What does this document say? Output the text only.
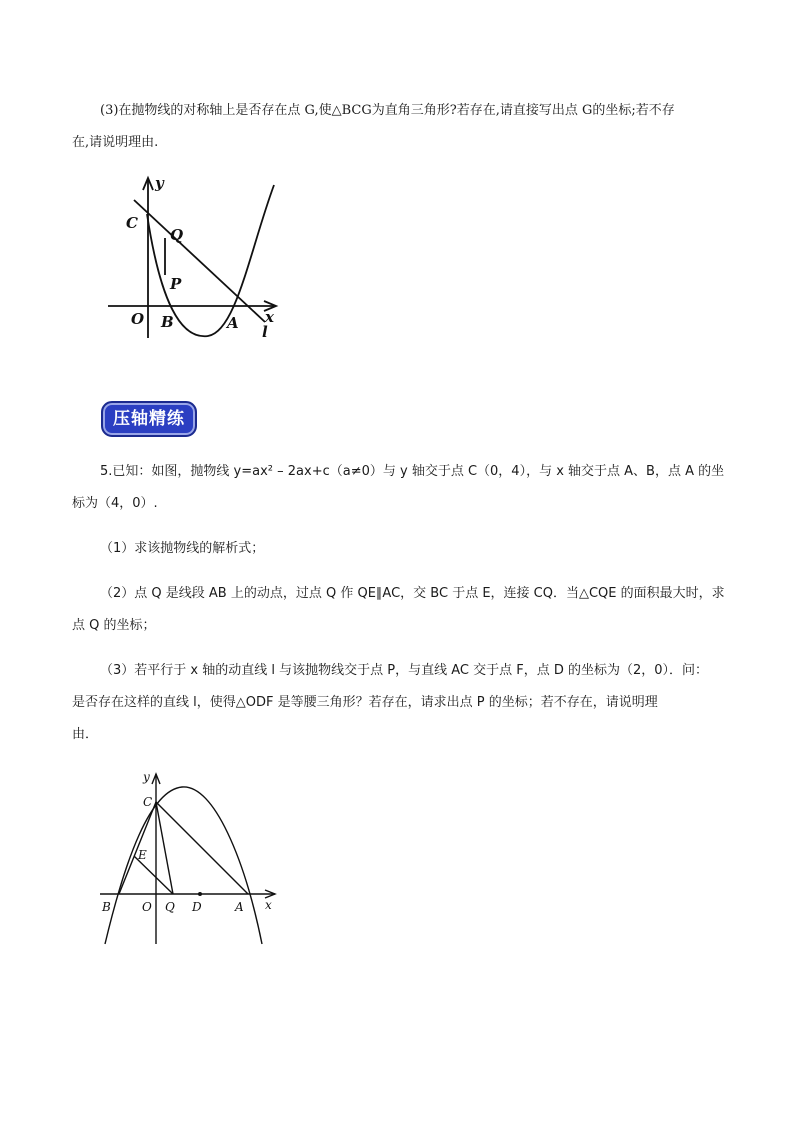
(3)在抛物线的对称轴上是否存在点 G,使△BCG为直角三角形?若存在,请直接写出点 G的坐标;若不存
在,请说明理由.
C
y
Q
P
O B	A x
l
压轴精练
5.已知：如图，抛物线 y=ax² – 2ax+c（a≠0）与 y 轴交于点 C（0，4），与 x 轴交于点 A、B，点 A 的坐
标为（4，0）.
（1）求该抛物线的解析式；
（2）点 Q 是线段 AB 上的动点，过点 Q 作 QE∥AC，交 BC 于点 E，连接 CQ．当△CQE 的面积最大时，求
点 Q 的坐标；
（3）若平行于 x 轴的动直线 l 与该抛物线交于点 P，与直线 AC 交于点 F，点 D 的坐标为（2，0）．问：
是否存在这样的直线 l，使得△ODF 是等腰三角形？若存在，请求出点 P 的坐标；若不存在，请说明理
由．
y
C
E
B	O Q D	A x
